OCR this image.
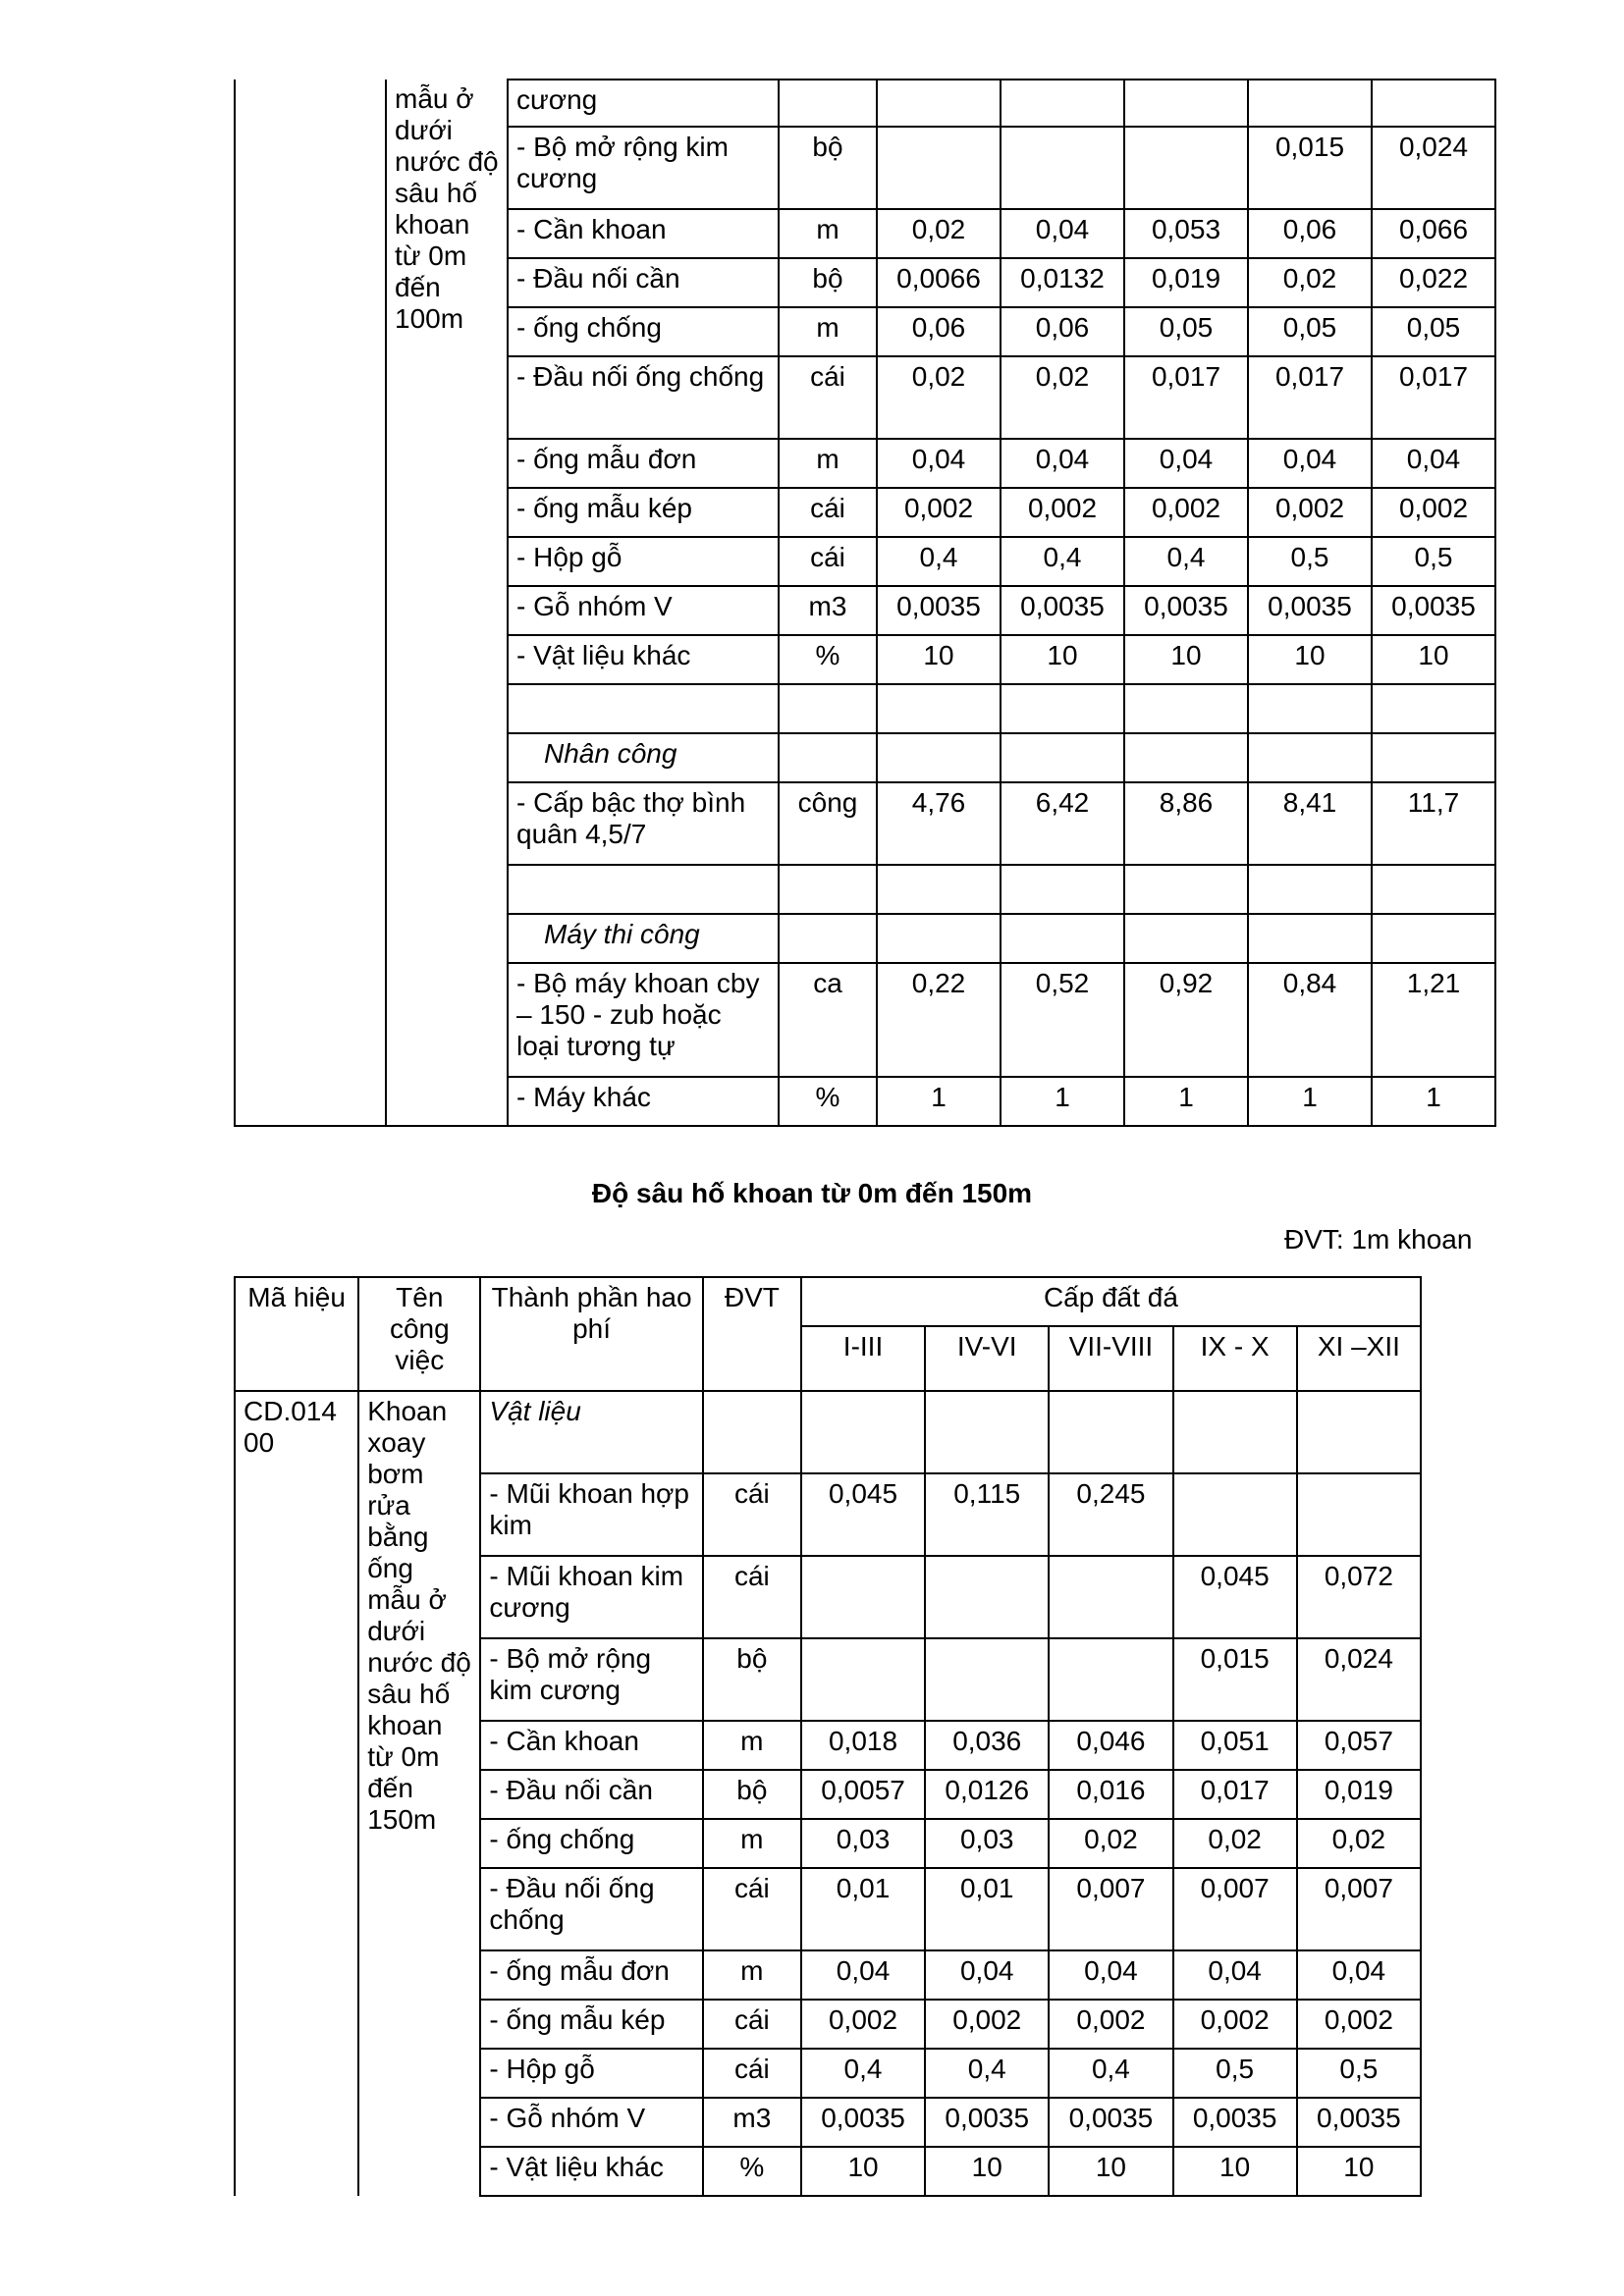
	mẫu ở dưới nước độ sâu hố khoan từ 0m đến 100m	cương						
		- Bộ mở rộng kim cương	bộ				0,015	0,024
		- Cần khoan	m	0,02	0,04	0,053	0,06	0,066
		- Đầu nối cần	bộ	0,0066	0,0132	0,019	0,02	0,022
		- ống chống	m	0,06	0,06	0,05	0,05	0,05
		- Đầu nối ống chống	cái	0,02	0,02	0,017	0,017	0,017
		- ống mẫu đơn	m	0,04	0,04	0,04	0,04	0,04
		- ống mẫu kép	cái	0,002	0,002	0,002	0,002	0,002
		- Hộp gỗ	cái	0,4	0,4	0,4	0,5	0,5
		- Gỗ nhóm V	m3	0,0035	0,0035	0,0035	0,0035	0,0035
		- Vật liệu khác	%	10	10	10	10	10

		Nhân công						
		- Cấp bậc thợ bình quân 4,5/7	công	4,76	6,42	8,86	8,41	11,7

		Máy thi công						
		- Bộ máy khoan cby – 150 - zub hoặc loại tương tự	ca	0,22	0,52	0,92	0,84	1,21
		- Máy khác	%	1	1	1	1	1
Độ sâu hố khoan từ 0m đến 150m
ĐVT: 1m khoan
Mã hiệu	Tên công việc	Thành phần hao phí	ĐVT	Cấp đất đá				
				I-III	IV-VI	VII-VIII	IX - X	XI –XII
CD.01400	Khoan xoay bơm rửa bằng ống mẫu ở dưới nước độ sâu hố khoan từ 0m đến 150m	Vật liệu						
		- Mũi khoan hợp kim	cái	0,045	0,115	0,245		
		- Mũi khoan kim cương	cái				0,045	0,072
		- Bộ mở rộng kim cương	bộ				0,015	0,024
		- Cần khoan	m	0,018	0,036	0,046	0,051	0,057
		- Đầu nối cần	bộ	0,0057	0,0126	0,016	0,017	0,019
		- ống chống	m	0,03	0,03	0,02	0,02	0,02
		- Đầu nối ống chống	cái	0,01	0,01	0,007	0,007	0,007
		- ống mẫu đơn	m	0,04	0,04	0,04	0,04	0,04
		- ống mẫu kép	cái	0,002	0,002	0,002	0,002	0,002
		- Hộp gỗ	cái	0,4	0,4	0,4	0,5	0,5
		- Gỗ nhóm V	m3	0,0035	0,0035	0,0035	0,0035	0,0035
		- Vật liệu khác	%	10	10	10	10	10
